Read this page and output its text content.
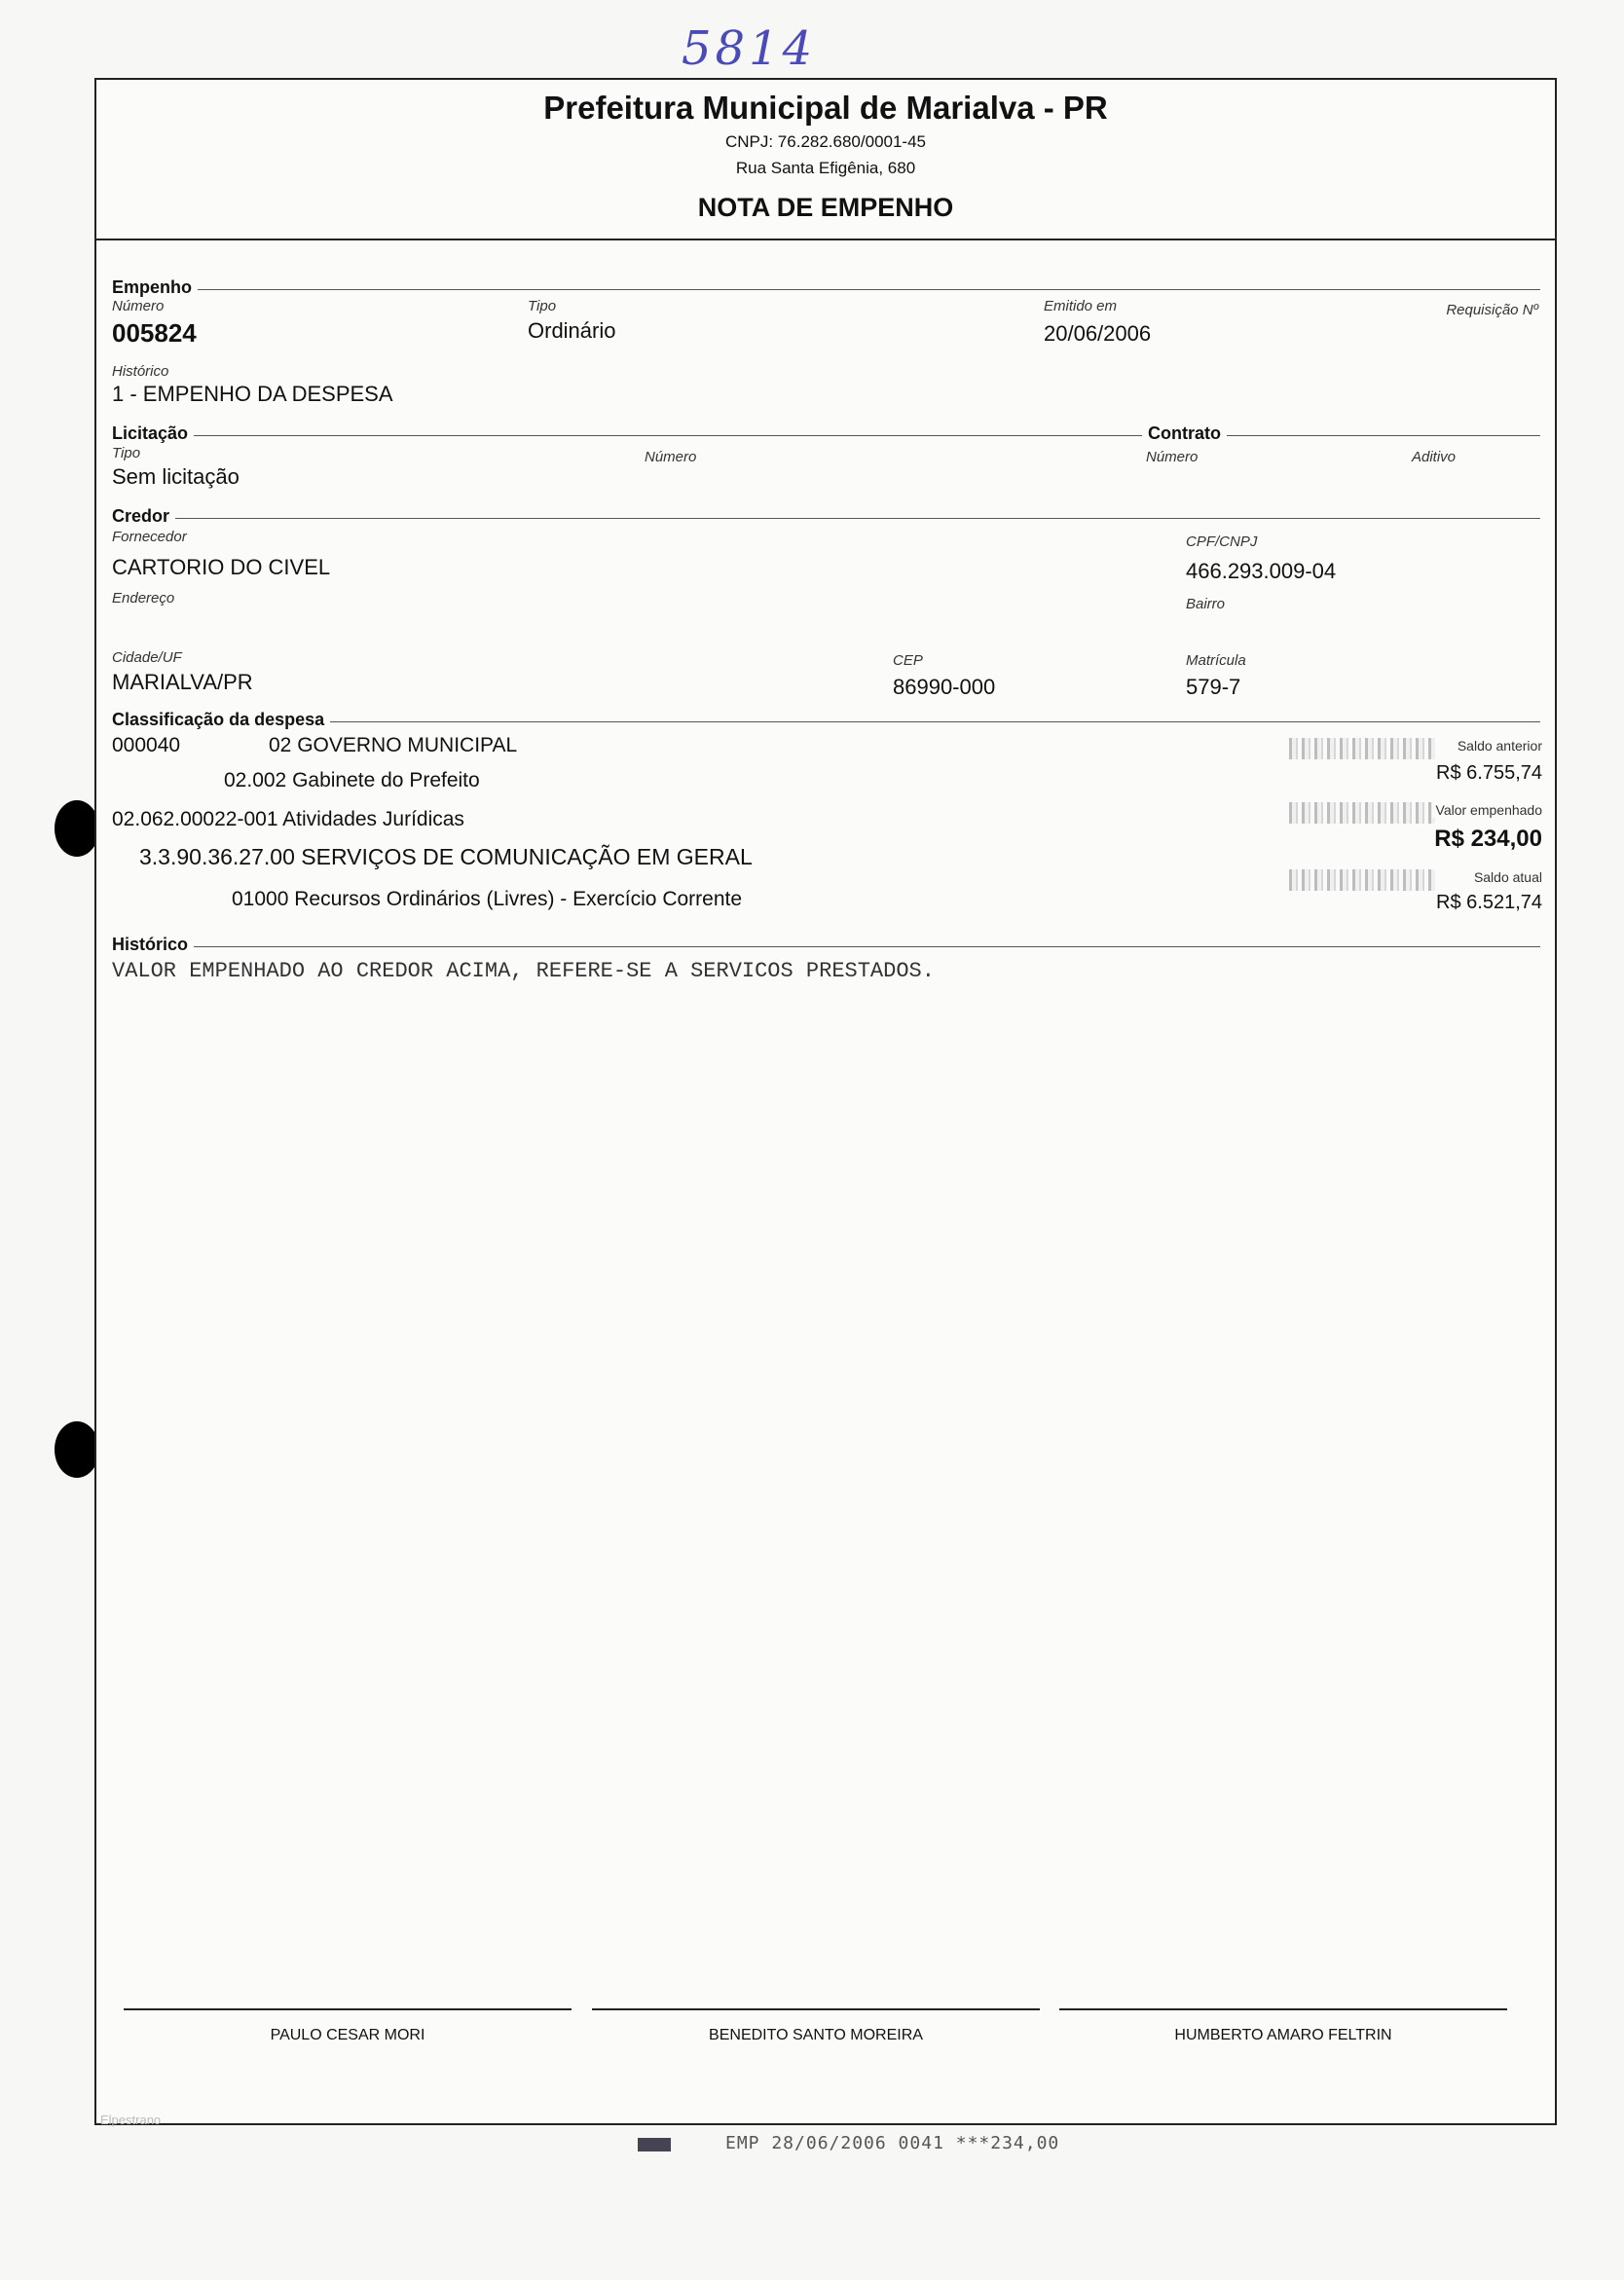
5814
Prefeitura Municipal de Marialva - PR
CNPJ: 76.282.680/0001-45
Rua Santa Efigênia, 680
NOTA DE EMPENHO
Empenho
Número
005824
Tipo
Ordinário
Emitido em
20/06/2006
Requisição Nº
Histórico
1 - EMPENHO DA DESPESA
Licitação	Contrato
Tipo
Sem licitação
Número	Número	Aditivo
Credor
Fornecedor
CARTORIO DO CIVEL
CPF/CNPJ
466.293.009-04
Endereço	Bairro
Cidade/UF
MARIALVA/PR
CEP
86990-000
Matrícula
579-7
Classificação da despesa
000040	02 GOVERNO MUNICIPAL
02.002 Gabinete do Prefeito
02.062.00022-001 Atividades Jurídicas
3.3.90.36.27.00 SERVIÇOS DE COMUNICAÇÃO EM GERAL
01000 Recursos Ordinários (Livres) - Exercício Corrente
Saldo anterior
R$ 6.755,74
Valor empenhado
R$ 234,00
Saldo atual
R$ 6.521,74
Histórico
VALOR EMPENHADO AO CREDOR ACIMA, REFERE-SE A SERVICOS PRESTADOS.
PAULO CESAR MORI	BENEDITO SANTO MOREIRA	HUMBERTO AMARO FELTRIN
Elpestrano
EMP 28/06/2006 0041 ***234,00
